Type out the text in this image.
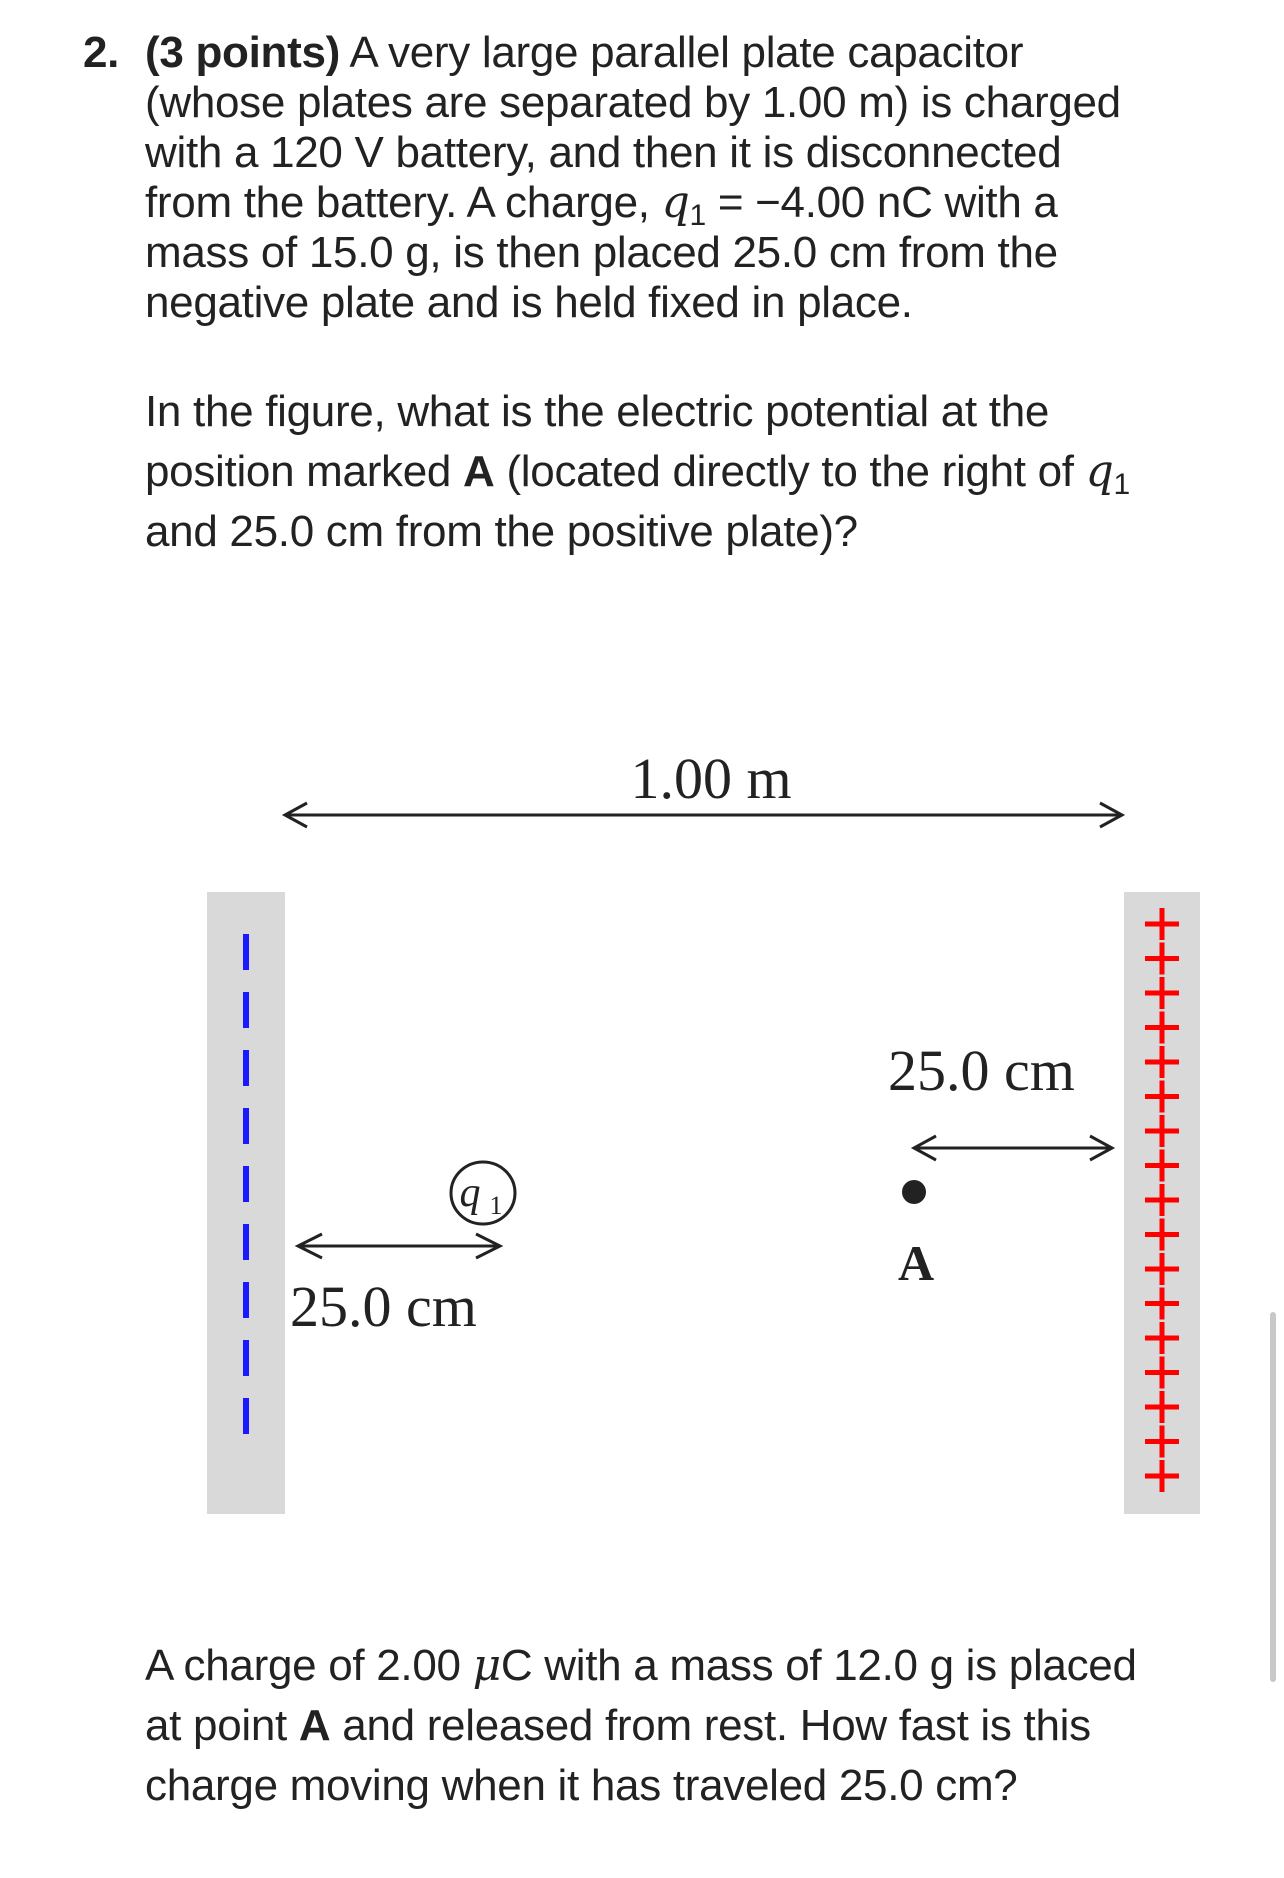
2. (3 points) A very large parallel plate capacitor
(whose plates are separated by 1.00 m) is charged
with a 120 V battery, and then it is disconnected
from the battery. A charge, $q_1 = -4.00$ nC with a
mass of 15.0 g, is then placed 25.0 cm from the
negative plate and is held fixed in place.
In the figure, what is the electric potential at the
position marked A (located directly to the right of $q_1$
and 25.0 cm from the positive plate)?
1.00 m
q 1
25.0 cm
25.0 cm
A
A charge of 2.00 μC with a mass of 12.0 g is placed
at point A and released from rest. How fast is this
charge moving when it has traveled 25.0 cm?
